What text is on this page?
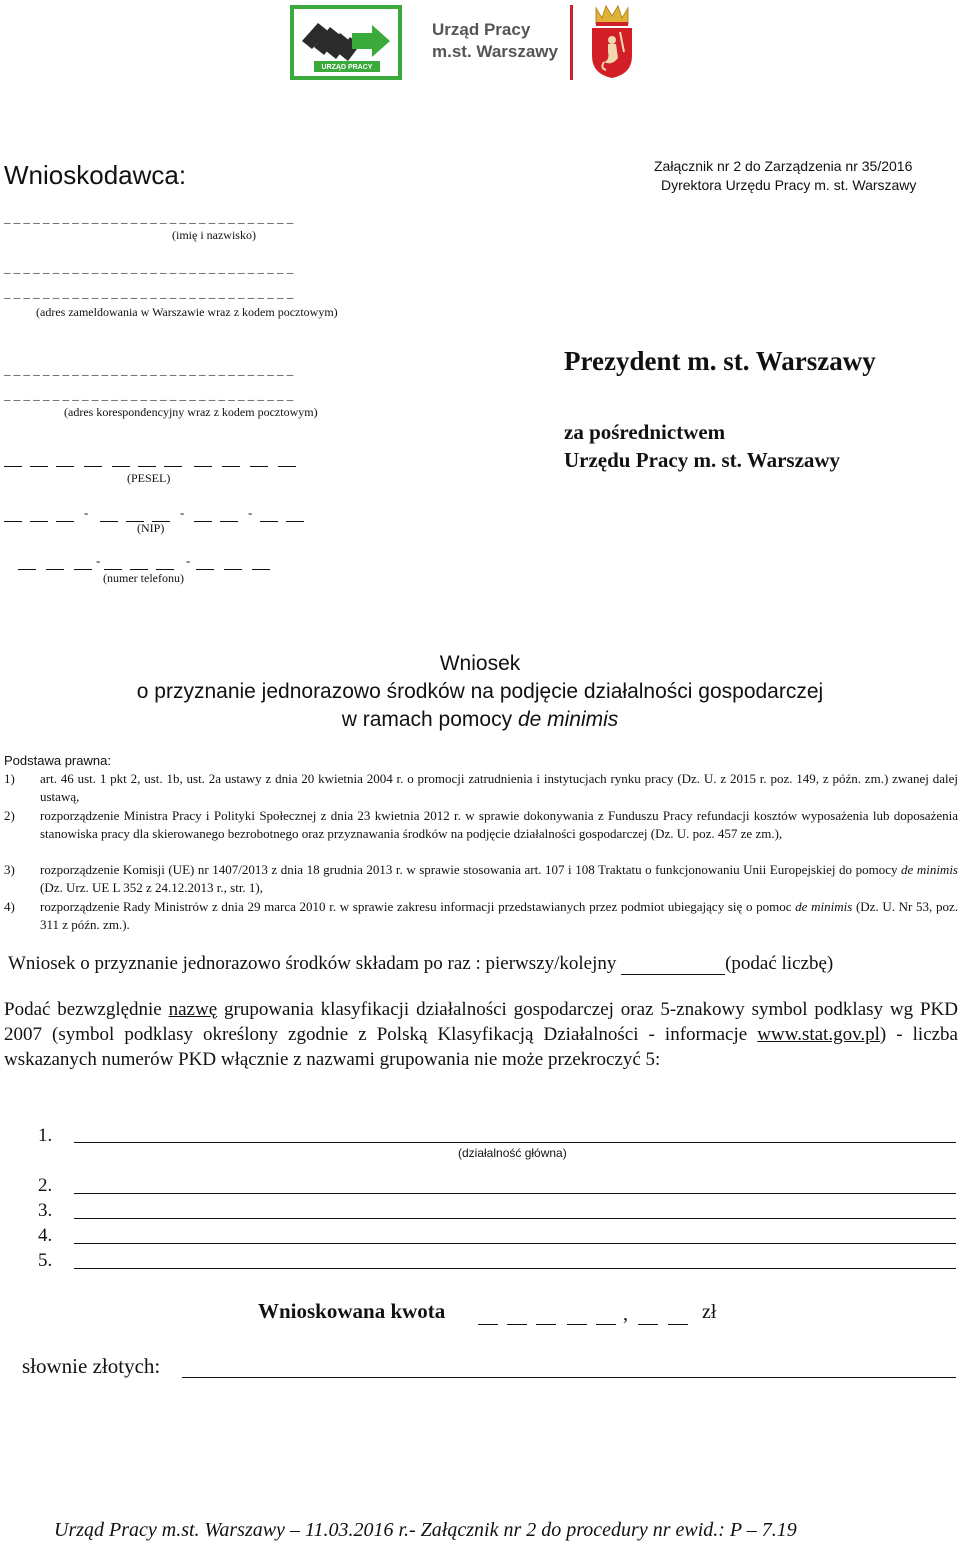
URZĄD PRACY
Urząd Pracy
m.st. Warszawy
Wnioskodawca:	Załącznik nr 2 do Zarządzenia nr 35/2016
Dyrektora Urzędu Pracy m. st. Warszawy
_ _ _ _ _ _ _ _ _ _ _ _ _ _ _ _ _ _ _ _ _ _ _ _ _ _ _ _ _ _
(imię i nazwisko)
_ _ _ _ _ _ _ _ _ _ _ _ _ _ _ _ _ _ _ _ _ _ _ _ _ _ _ _ _ _
_ _ _ _ _ _ _ _ _ _ _ _ _ _ _ _ _ _ _ _ _ _ _ _ _ _ _ _ _ _
(adres zameldowania w Warszawie wraz z kodem pocztowym)
_ _ _ _ _ _ _ _ _ _ _ _ _ _ _ _ _ _ _ _ _ _ _ _ _ _ _ _ _ _
_ _ _ _ _ _ _ _ _ _ _ _ _ _ _ _ _ _ _ _ _ _ _ _ _ _ _ _ _ _
(adres korespondencyjny wraz z kodem pocztowym)
(PESEL)
-	-	-
(NIP)
-	-
(numer telefonu)
Prezydent m. st. Warszawy
za pośrednictwem
Urzędu Pracy m. st. Warszawy
Wniosek
o przyznanie jednorazowo środków na podjęcie działalności gospodarczej
w ramach pomocy de minimis
Podstawa prawna:
1) art. 46 ust. 1 pkt 2, ust. 1b, ust. 2a ustawy z dnia 20 kwietnia 2004 r. o promocji zatrudnienia i instytucjach rynku pracy (Dz. U. z 2015 r. poz. 149, z późn. zm.) zwanej dalej ustawą,
2) rozporządzenie Ministra Pracy i Polityki Społecznej z dnia 23 kwietnia 2012 r. w sprawie dokonywania z Funduszu Pracy refundacji kosztów wyposażenia lub doposażenia stanowiska pracy dla skierowanego bezrobotnego oraz przyznawania środków na podjęcie działalności gospodarczej (Dz. U. poz. 457 ze zm.),
3) rozporządzenie Komisji (UE) nr 1407/2013 z dnia 18 grudnia 2013 r. w sprawie stosowania art. 107 i 108 Traktatu o funkcjonowaniu Unii Europejskiej do pomocy de minimis (Dz. Urz. UE L 352 z 24.12.2013 r., str. 1),
4) rozporządzenie Rady Ministrów z dnia 29 marca 2010 r. w sprawie zakresu informacji przedstawianych przez podmiot ubiegający się o pomoc de minimis (Dz. U. Nr 53, poz. 311 z późn. zm.).
Wniosek o przyznanie jednorazowo środków składam po raz : pierwszy/kolejny	(podać liczbę)
Podać bezwzględnie nazwę grupowania klasyfikacji działalności gospodarczej oraz 5-znakowy symbol podklasy wg PKD 2007 (symbol podklasy określony zgodnie z Polską Klasyfikacją Działalności - informacje www.stat.gov.pl) - liczba wskazanych numerów PKD włącznie z nazwami grupowania nie może przekroczyć 5:
1.
(działalność główna)
2.
3.
4.
5.
Wnioskowana kwota	,	zł
słownie złotych:
Urząd Pracy m.st. Warszawy – 11.03.2016 r.- Załącznik nr 2 do procedury nr ewid.: P – 7.19
